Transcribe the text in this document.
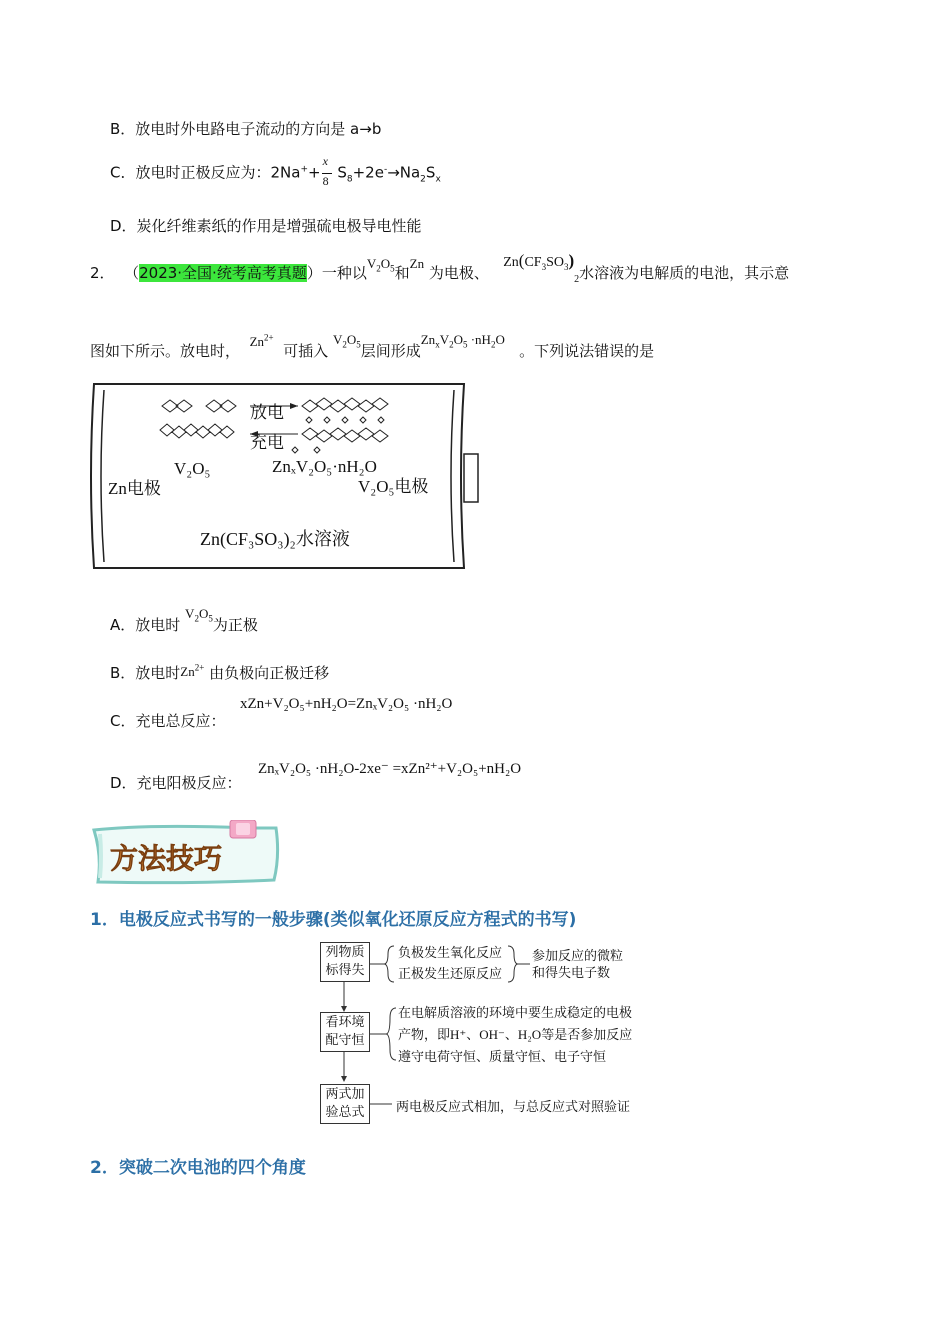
B．放电时外电路电子流动的方向是 a→b
C．放电时正极反应为：$2Na^++ \frac{x}{8} S_8+2e^-\to Na_2S_x$
D．炭化纤维素纸的作用是增强硫电极导电性能
2． （2023·全国·统考高考真题）一种以$V_2O_5$和Zn 为电极、   $Zn(CF_3SO_3)_2$水溶液为电解质的电池，其示意
图如下所示。放电时，  $Zn^{2+}$  可插入 $V_2O_5$层间形成$Zn_xV_2O_5 \cdot nH_2O$   。下列说法错误的是
放电
充电
V₂O₅	ZnₓV₂O₅·nH₂O
Zn电极	V₂O₅电极
Zn(CF₃SO₃)₂水溶液
A．放电时 $V_2O_5$为正极
B．放电时$Zn^{2+}$ 由负极向正极迁移
C．充电总反应：
xZn+V₂O₅+nH₂O=ZnₓV₂O₅ ·nH₂O
D．充电阳极反应：
ZnₓV₂O₅ ·nH₂O-2xe⁻ =xZn²⁺+V₂O₅+nH₂O
方法技巧
1．电极反应式书写的一般步骤(类似氧化还原反应方程式的书写)
列物质
标得失
负极发生氧化反应
正极发生还原反应
参加反应的微粒
和得失电子数
看环境
配守恒
在电解质溶液的环境中要生成稳定的电极
产物，即H⁺、OH⁻、H₂O等是否参加反应
遵守电荷守恒、质量守恒、电子守恒
两式加
验总式	两电极反应式相加，与总反应式对照验证
2．突破二次电池的四个角度
